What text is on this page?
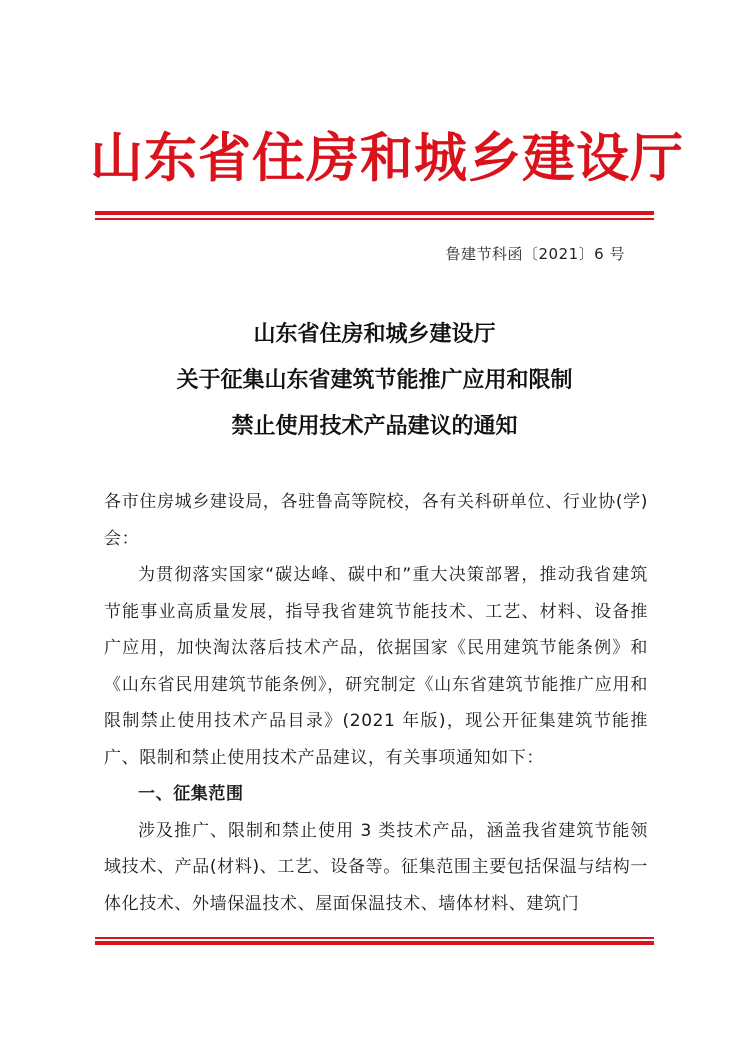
山东省住房和城乡建设厅
鲁建节科函〔2021〕6 号
山东省住房和城乡建设厅
关于征集山东省建筑节能推广应用和限制
禁止使用技术产品建议的通知

各市住房城乡建设局，各驻鲁高等院校，各有关科研单位、行业协(学)会：

为贯彻落实国家“碳达峰、碳中和”重大决策部署，推动我省建筑节能事业高质量发展，指导我省建筑节能技术、工艺、材料、设备推广应用，加快淘汰落后技术产品，依据国家《民用建筑节能条例》和《山东省民用建筑节能条例》，研究制定《山东省建筑节能推广应用和限制禁止使用技术产品目录》(2021 年版)，现公开征集建筑节能推广、限制和禁止使用技术产品建议，有关事项通知如下：

一、征集范围

涉及推广、限制和禁止使用 3 类技术产品，涵盖我省建筑节能领域技术、产品(材料)、工艺、设备等。征集范围主要包括保温与结构一体化技术、外墙保温技术、屋面保温技术、墙体材料、建筑门
